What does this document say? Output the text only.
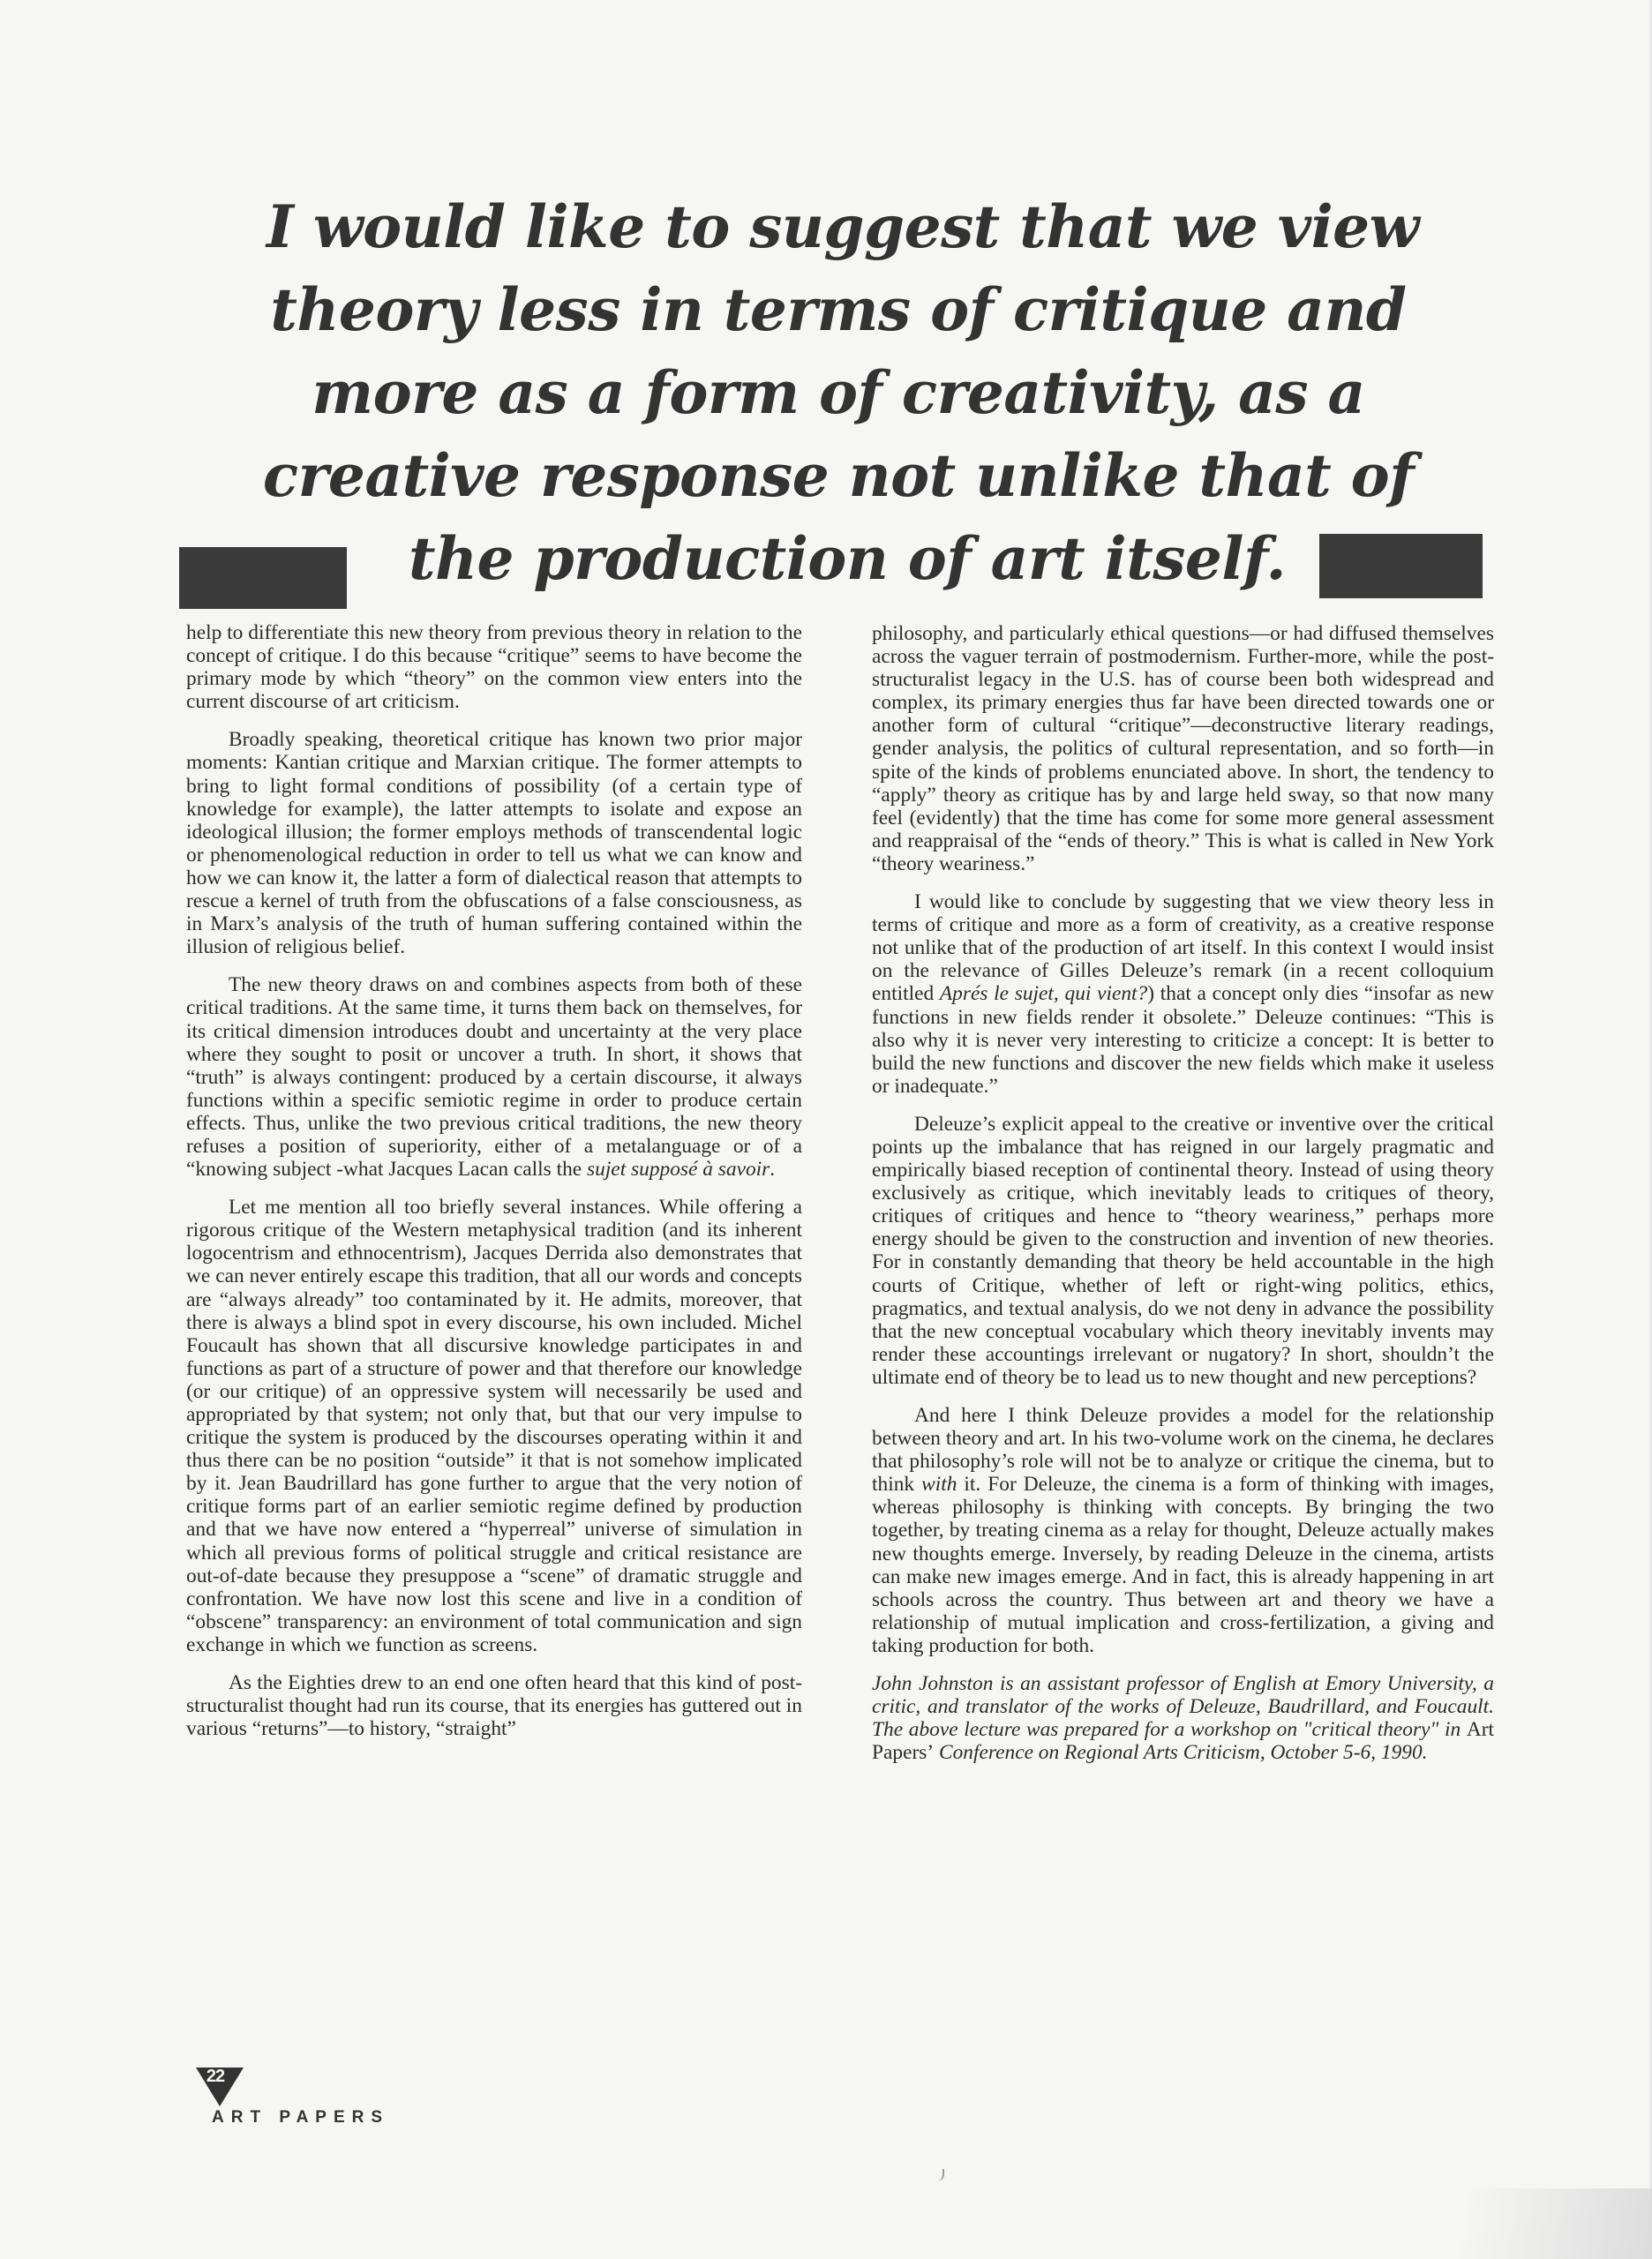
I would like to suggest that we view
theory less in terms of critique and
more as a form of creativity, as a
creative response not unlike that of
the production of art itself.

help to differentiate this new theory from previous theory in relation to the concept of critique. I do this because “critique” seems to have become the primary mode by which “theory” on the common view enters into the current discourse of art criticism.

Broadly speaking, theoretical critique has known two prior major moments: Kantian critique and Marxian critique. The former attempts to bring to light formal conditions of possibility (of a certain type of knowledge for example), the latter attempts to isolate and expose an ideological illusion; the former employs methods of transcendental logic or phenomenological reduction in order to tell us what we can know and how we can know it, the latter a form of dialectical reason that attempts to rescue a kernel of truth from the obfuscations of a false consciousness, as in Marx’s analysis of the truth of human suffering contained within the illusion of religious belief.

The new theory draws on and combines aspects from both of these critical traditions. At the same time, it turns them back on themselves, for its critical dimension introduces doubt and uncertainty at the very place where they sought to posit or uncover a truth. In short, it shows that “truth” is always contingent: produced by a certain discourse, it always functions within a specific semiotic regime in order to produce certain effects. Thus, unlike the two previous critical traditions, the new theory refuses a position of superiority, either of a metalanguage or of a “knowing subject -what Jacques Lacan calls the sujet supposé à savoir.

Let me mention all too briefly several instances. While offering a rigorous critique of the Western metaphysical tradition (and its inherent logocentrism and ethnocentrism), Jacques Derrida also demonstrates that we can never entirely escape this tradition, that all our words and concepts are “always already” too contaminated by it. He admits, moreover, that there is always a blind spot in every discourse, his own included. Michel Foucault has shown that all discursive knowledge participates in and functions as part of a structure of power and that therefore our knowledge (or our critique) of an oppressive system will necessarily be used and appropriated by that system; not only that, but that our very impulse to critique the system is produced by the discourses operating within it and thus there can be no position “outside” it that is not somehow implicated by it. Jean Baudrillard has gone further to argue that the very notion of critique forms part of an earlier semiotic regime defined by production and that we have now entered a “hyperreal” universe of simulation in which all previous forms of political struggle and critical resistance are out-of-date because they presuppose a “scene” of dramatic struggle and confrontation. We have now lost this scene and live in a condition of “obscene” transparency: an environment of total communication and sign exchange in which we function as screens.

As the Eighties drew to an end one often heard that this kind of post-structuralist thought had run its course, that its energies has guttered out in various “returns”—to history, “straight”

philosophy, and particularly ethical questions—or had diffused themselves across the vaguer terrain of postmodernism. Further-more, while the post-structuralist legacy in the U.S. has of course been both widespread and complex, its primary energies thus far have been directed towards one or another form of cultural “critique”—deconstructive literary readings, gender analysis, the politics of cultural representation, and so forth—in spite of the kinds of problems enunciated above. In short, the tendency to “apply” theory as critique has by and large held sway, so that now many feel (evidently) that the time has come for some more general assessment and reappraisal of the “ends of theory.” This is what is called in New York “theory weariness.”

I would like to conclude by suggesting that we view theory less in terms of critique and more as a form of creativity, as a creative response not unlike that of the production of art itself. In this context I would insist on the relevance of Gilles Deleuze’s remark (in a recent colloquium entitled Aprés le sujet, qui vient?) that a concept only dies “insofar as new functions in new fields render it obsolete.” Deleuze continues: “This is also why it is never very interesting to criticize a concept: It is better to build the new functions and discover the new fields which make it useless or inadequate.”

Deleuze’s explicit appeal to the creative or inventive over the critical points up the imbalance that has reigned in our largely pragmatic and empirically biased reception of continental theory. Instead of using theory exclusively as critique, which inevitably leads to critiques of theory, critiques of critiques and hence to “theory weariness,” perhaps more energy should be given to the construction and invention of new theories. For in constantly demanding that theory be held accountable in the high courts of Critique, whether of left or right-wing politics, ethics, pragmatics, and textual analysis, do we not deny in advance the possibility that the new conceptual vocabulary which theory inevitably invents may render these accountings irrelevant or nugatory? In short, shouldn’t the ultimate end of theory be to lead us to new thought and new perceptions?

And here I think Deleuze provides a model for the relationship between theory and art. In his two-volume work on the cinema, he declares that philosophy’s role will not be to analyze or critique the cinema, but to think with it. For Deleuze, the cinema is a form of thinking with images, whereas philosophy is thinking with concepts. By bringing the two together, by treating cinema as a relay for thought, Deleuze actually makes new thoughts emerge. Inversely, by reading Deleuze in the cinema, artists can make new images emerge. And in fact, this is already happening in art schools across the country. Thus between art and theory we have a relationship of mutual implication and cross-fertilization, a giving and taking production for both.

John Johnston is an assistant professor of English at Emory University, a critic, and translator of the works of Deleuze, Baudrillard, and Foucault. The above lecture was prepared for a workshop on "critical theory" in Art Papers’ Conference on Regional Arts Criticism, October 5-6, 1990.

22
ART PAPERS
